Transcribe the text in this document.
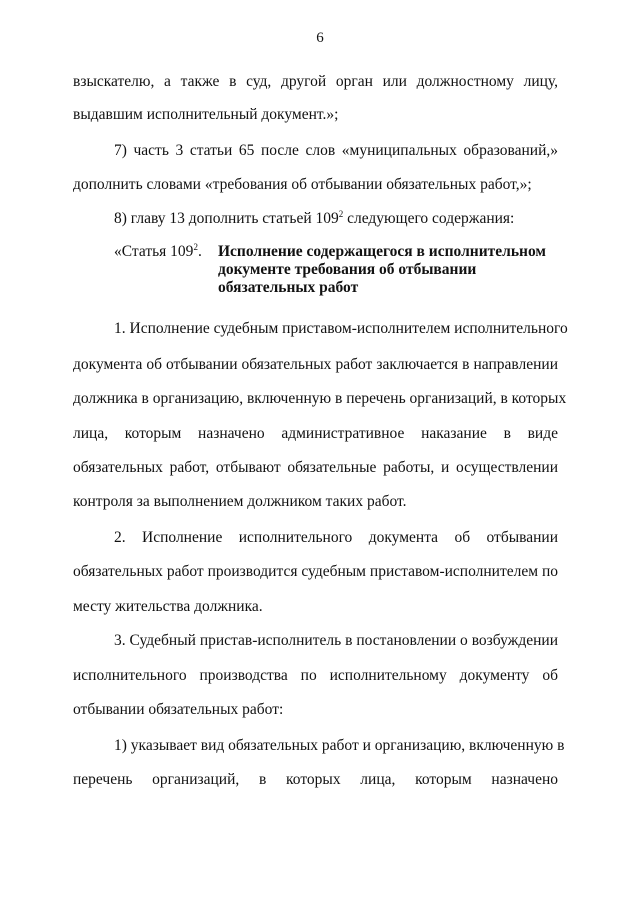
6
взыскателю, а также в суд, другой орган или должностному лицу,
выдавшим исполнительный документ.»;
7) часть 3 статьи 65 после слов «муниципальных образований,»
дополнить словами «требования об отбывании обязательных работ,»;
8) главу 13 дополнить статьей $109^2$ следующего содержания:
«Статья $109^2$. Исполнение содержащегося в исполнительном
документе требования об отбывании
обязательных работ
1. Исполнение судебным приставом-исполнителем исполнительного
документа об отбывании обязательных работ заключается в направлении
должника в организацию, включенную в перечень организаций, в которых
лица, которым назначено административное наказание в виде
обязательных работ, отбывают обязательные работы, и осуществлении
контроля за выполнением должником таких работ.
2. Исполнение исполнительного документа об отбывании
обязательных работ производится судебным приставом-исполнителем по
месту жительства должника.
3. Судебный пристав-исполнитель в постановлении о возбуждении
исполнительного производства по исполнительному документу об
отбывании обязательных работ:
1) указывает вид обязательных работ и организацию, включенную в
перечень организаций, в которых лица, которым назначено
